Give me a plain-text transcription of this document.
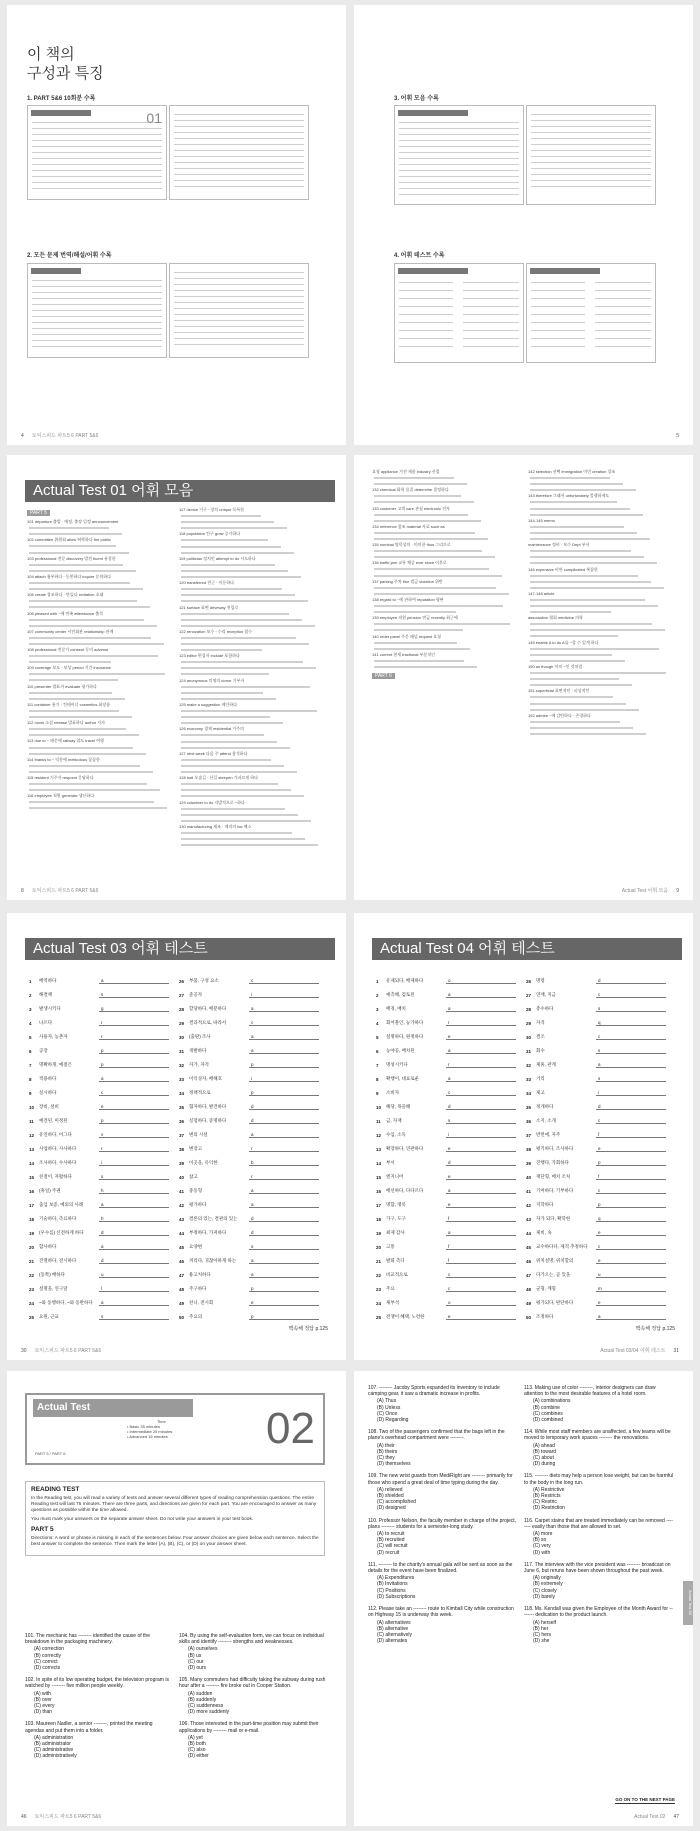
이 책의
구성과 특징
1. PART 5&6 10회분 수록
01
2. 모든 문제 번역/해설/어휘 수록
4 토익스피드 파트5 6 PART 5&6
3. 어휘 모음 수록
4. 어휘 테스트 수록
5
Actual Test 01 어휘 모음
PART 5
101 departure 출발 · 예정, 출장 일정 announcement
102 committee 위원회 allow 허락하다 the public
103 professional 전문 discovery 발견 fluent 유창한
104 attach 첨부하다 · 동봉하다 inquire 문의하다
105 create 창조하다 · 만들다 invitation 초대
106 pleased with ~에 만족 attendance 출석
107 community center 시민회관 relationship 관계
108 professional 전문가 consent 동의 adverse
109 coverage 보도 · 보상 period 기간 insurance
110 presenter 발표자 evaluate 평가하다
111 container 용기 · 컨테이너 cosmetics 화장품
112 novel 소설 release 발표하다 author 저자
113 due to ~ 때문에 railway 철도 travel 여행
114 thanks to ~ 덕분에 meticulous 꼼꼼한
115 resident 거주자 respond 응답하다
116 employee 직원 generate 생산하다
117 device 기구 · 장치 unique 독특한
118 population 인구 grow 증가하다
119 politician 정치인 attempt to do 시도하다
120 transferred 전근 · 이동하다
121 surface 표면 driveway 진입로
122 renovation 보수 · 수리 reception 접수
123 editor 편집자 include 포함하다
124 anonymous 익명의 donor 기부자
125 make a suggestion 제안하다
126 economy 경제 residential 거주의
127 next week 다음 주 attend 참석하다
128 trail 오솔길 · 산길 steepen 가파르게 하다
129 volunteer to do 자발적으로 ~하다
130 manufacturing 제조 · 제작의 fax 팩스
8 토익스피드 파트5 6 PART 5&6
요청 appliance 가전 제품 industry 산업
132 chemical 화학 물질 determine 결정하다
133 customer 고객 care 관심 electronic 전자
134 reference 참조 material 자료 such as
135 nominal 명목상의 · 미미한 thus 그리므로
136 traffic jam 교통 체증 ever since 이후로
137 parking 주차 fine 벌금 violation 위반
138 regard to ~에 관하여 reputation 평판
139 employee 직원 pension 연금 recently 최근에
140 order panel 주문 패널 request 요청
141 current 현재 fractional 부분적인
PART 6
142 selection 선택 immigration 이민 creation 창조
143 therefore 그래서 unfortunately 불행하게도
144-145 memo
maintenance 정비 · 보수 Dept 부서
146 expensive 비싼 complicated 복잡한
147-148 article
association 협회 medicine 의학
149 enable A to do A를 ~할 수 있게 하다
150 as though 마치 ~인 것처럼
151 superficial 표면적인 · 피상적인
152 admire ~에 감탄하다 · 존경하다
Actual Test 어휘 모음 9
Actual Test 03 어휘 테스트
1	배역하다	a
2	해결책	s
3	발생시키다	g
4	나르다	r
5	사용자, 농촌자	r
6	공장	p
7	명확하게, 예절은	p
8	적용하다	a
9	실시하다	c
10	장비, 설비	e
11	예견된, 미정된	p
12	유연하다, 어그다	v
13	사업하다, 사사하다	r
14	조사하다, 수사하다	i
15	친절이, 자활하다	s
16	(휴일) 주권	h
17	출입 보증, 예외의 사례	a
18	기술하다, 측료하다	h
19	(우수를) 신전하게 하다	d
20	합사하다	a
21	진열하다, 전시하다	d
22	(동쪽) 배하다	u
23	설명을, 연구달	l
24	~와 동행하다, ~와 동반하다	a
25	요원, 근교	s
26	부품, 구성 요소	c
27	준공자	i
28	할당하다, 배분하다	a
29	결과적으로, 따라서	c
30	(출판) 조사	a
31	개발하다	a
32	자가, 자격	p
33	이익상자, 배해호	i
34	정책적으로	p
35	협자하다, 발견하다	d
36	실험하다, 증명하다	d
37	변의 시설	a
38	변장고	r
39	이곳을, 유익한	b
40	참고	r
41	중동형	a
42	평가하다	a
43	결론의 있는, 결관의 있는	d
44	부정하다, 가져하다	d
45	요양변	s
46	꺼리다, 귀찮아하게 하는	a
47	용고처하다	a
48	주구하다	p
49	찬니, 전시회	e
50	주요의	p
핵속해 정답 p.125
30 토익스피드 파트5 6 PART 5&6
Actual Test 04 어휘 테스트
1	유제되다, 배제하다	o
2	예측해, 검토된	a
3	배경, 배치	a
4	회이블인, 능가하다	r
5	설명하다, 원정하다	e
6	농야공, 배치된	a
7	명성시키다	r
8	확행이, 대표로운	a
9	소비자	c
10	해당, 목을해	d
11	금, 자재	s
12	수입, 소득	i
13	확장하다, 연관하다	e
14	부서	d
15	엔지니어	e
16	배선하다, 다다르다	a
17	명함, 명록	e
18	가구, 도구	f
19	최제 감사	a
20	고통	f
21	발휘 측디	f
22	비교적으로	c
23	주요	c
24	제부석	o
25	전쟁이 혜택, 노련한	e
26	명령	d
27	연재, 지금	c
28	총수하다	s
29	자격	q
30	결조	c
31	회수	s
32	제휴, 관계	a
33	거리	s
34	제고	i
35	정개하다	d
36	소지, 소개	c
37	반면에, 자주	f
38	평기하다, 조사하다	e
39	진행다, 가회하다	p
40	재단형, 배치 조처	f
41	기여하다, 기부하다	c
42	지학하다	p
43	자가 되다, 확학한	q
44	제비, 속	e
45	교수하다다, 제격 추정하다	c
46	위치설명, 위치할의	e
47	다가오는, 곧 있을	u
48	군형, 깨형	m
49	평가되다, 판단하다	e
50	조정하다	a
핵속해 정답 p.125
Actual Test 03/04 어휘 테스트 31
Actual Test
Time
• Basic 35 minutes
• Intermediate 25 minutes
• Advanced 15 minutes 02
PART 5 / PART 6
READING TEST

In the Reading test, you will read a variety of texts and answer several different types of reading comprehension questions. The entire Reading test will last 75 minutes. There are three parts, and directions are given for each part. You are encouraged to answer as many questions as possible within the time allowed.

You must mark your answers on the separate answer sheet. Do not write your answers in your test book.

PART 5

Directions: A word or phrase is missing in each of the sentences below. Four answer choices are given below each sentence. Select the best answer to complete the sentence. Then mark the letter (A), (B), (C), or (D) on your answer sheet.

101. The mechanic has -------- identified the cause of the breakdown in the packaging machinery.
(A) correction
(B) correctly
(C) correct
(D) corrects
102. In spite of its low operating budget, the television program is watched by -------- five million people weekly.
(A) with
(B) over
(C) every
(D) than
103. Maureen Nadler, a senior --------, printed the meeting agendas and put them into a folder.
(A) administration
(B) administrator
(C) administrative
(D) administratively
104. By using the self-evaluation form, we can focus on individual skills and identify -------- strengths and weaknesses.
(A) ourselves
(B) us
(C) our
(D) ours
105. Many commuters had difficulty taking the subway during rush hour after a -------- fire broke out in Cooper Station.
(A) sudden
(B) suddenly
(C) suddenness
(D) more suddenly
106. Those interested in the part-time position may submit their applications by -------- mail or e-mail.
(A) yet
(B) both
(C) also
(D) either
46 토익스피드 파트5 6 PART 5&6
107. -------- Jacoby Sports expanded its inventory to include camping gear, it saw a dramatic increase in profits.
(A) Thus
(B) Unless
(C) Once
(D) Regarding
108. Two of the passengers confirmed that the bags left in the plane's overhead compartment were --------.
(A) their
(B) theirs
(C) they
(D) themselves
109. The new wrist guards from MediRight are -------- primarily for those who spend a great deal of time typing during the day.
(A) relieved
(B) shielded
(C) accomplished
(D) designed
110. Professor Nelson, the faculty member in charge of the project, plans -------- students for a semester-long study.
(A) to recruit
(B) recruited
(C) will recruit
(D) recruit
111. -------- to the charity's annual gala will be sent as soon as the details for the event have been finalized.
(A) Expenditures
(B) Invitations
(C) Positions
(D) Subscriptions
112. Please take an -------- route to Kimball City while construction on Highway 15 is underway this week.
(A) alternatives
(B) alternative
(C) alternatively
(D) alternates
113. Making use of color --------, interior designers can draw attention to the most desirable features of a hotel room.
(A) combinations
(B) combine
(C) combines
(D) combined
114. While most staff members are unaffected, a few teams will be moved to temporary work spaces -------- the renovations.
(A) ahead
(B) toward
(C) about
(D) during
115. -------- diets may help a person lose weight, but can be harmful to the body in the long run.
(A) Restrictive
(B) Restricts
(C) Restric
(D) Restriction
116. Carpet stains that are treated immediately can be removed -------- easily than those that are allowed to set.
(A) more
(B) so
(C) very
(D) with
117. The interview with the vice president was -------- broadcast on June 6, but reruns have been shown throughout the past week.
(A) originally
(B) extremely
(C) closely
(D) barely
118. Ms. Kendall was given the Employee of the Month Award for -------- dedication to the product launch.
(A) herself
(B) her
(C) hers
(D) she
Actual Test 02
GO ON TO THE NEXT PAGE
Actual Test 02 47
